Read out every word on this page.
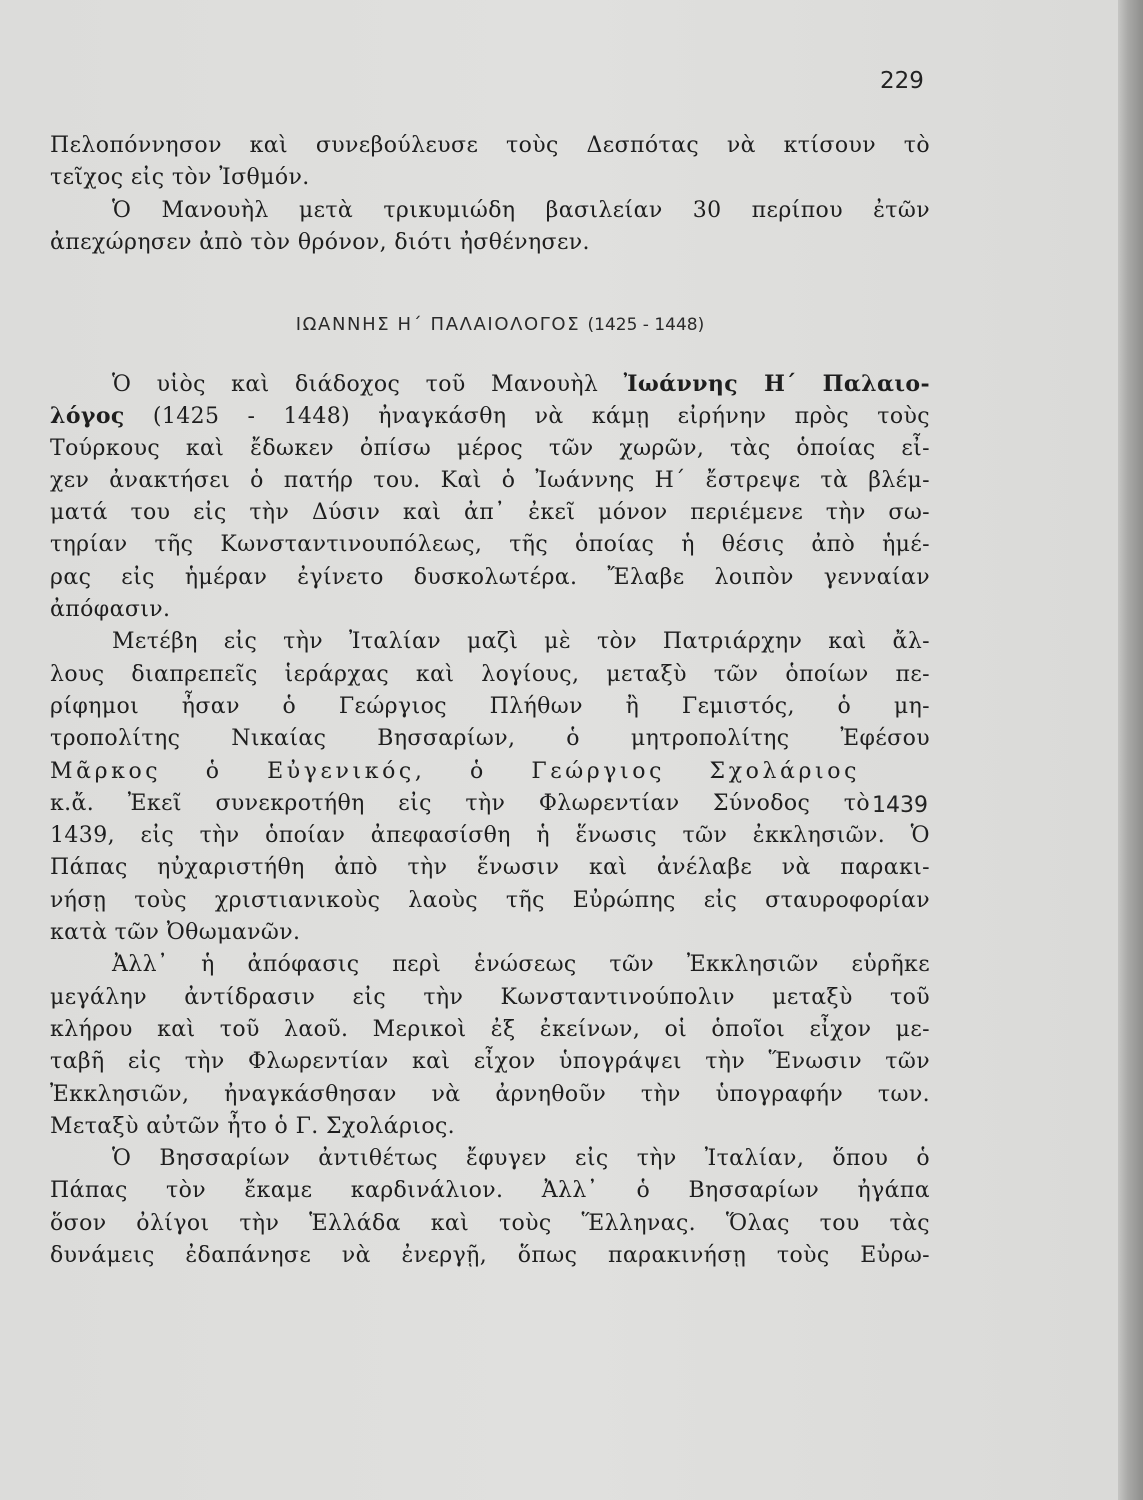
229
Πελοπόννησον καὶ συνεβούλευσε τοὺς Δεσπότας νὰ κτίσουν τὸ
τεῖχος εἰς τὸν Ἰσθμόν.
Ὁ Μανουὴλ μετὰ τρικυμιώδη βασιλείαν 30 περίπου ἐτῶν
ἀπεχώρησεν ἀπὸ τὸν θρόνον, διότι ἠσθένησεν.
ΙΩΑΝΝΗΣ Η΄ ΠΑΛΑΙΟΛΟΓΟΣ (1425 - 1448)
Ὁ υἱὸς καὶ διάδοχος τοῦ Μανουὴλ Ἰωάννης Η΄ Παλαιο-
λόγος (1425 - 1448) ἠναγκάσθη νὰ κάμῃ εἰρήνην πρὸς τοὺς
Τούρκους καὶ ἔδωκεν ὀπίσω μέρος τῶν χωρῶν, τὰς ὁποίας εἶ-
χεν ἀνακτήσει ὁ πατήρ του. Καὶ ὁ Ἰωάννης Η΄ ἔστρεψε τὰ βλέμ-
ματά του εἰς τὴν Δύσιν καὶ ἀπ᾽ ἐκεῖ μόνον περιέμενε τὴν σω-
τηρίαν τῆς Κωνσταντινουπόλεως, τῆς ὁποίας ἡ θέσις ἀπὸ ἡμέ-
ρας εἰς ἡμέραν ἐγίνετο δυσκολωτέρα. Ἔλαβε λοιπὸν γενναίαν
ἀπόφασιν.
Μετέβη εἰς τὴν Ἰταλίαν μαζὶ μὲ τὸν Πατριάρχην καὶ ἄλ-
λους διαπρεπεῖς ἱεράρχας καὶ λογίους, μεταξὺ τῶν ὁποίων πε-
ρίφημοι ἦσαν ὁ Γεώργιος Πλήθων ἢ Γεμιστός, ὁ μη-
τροπολίτης Νικαίας Βησσαρίων, ὁ μητροπολίτης Ἐφέσου
Μᾶρκος ὁ Εὐγενικός, ὁ Γεώργιος Σχολάριος
κ.ἄ. Ἐκεῖ συνεκροτήθη εἰς τὴν Φλωρεντίαν Σύνοδος τὸ
1439, εἰς τὴν ὁποίαν ἀπεφασίσθη ἡ ἕνωσις τῶν ἐκκλησιῶν. Ὁ
Πάπας ηὐχαριστήθη ἀπὸ τὴν ἕνωσιν καὶ ἀνέλαβε νὰ παρακι-
νήσῃ τοὺς χριστιανικοὺς λαοὺς τῆς Εὐρώπης εἰς σταυροφορίαν
κατὰ τῶν Ὀθωμανῶν.
Ἀλλ᾽ ἡ ἀπόφασις περὶ ἑνώσεως τῶν Ἐκκλησιῶν εὑρῆκε
μεγάλην ἀντίδρασιν εἰς τὴν Κωνσταντινούπολιν μεταξὺ τοῦ
κλήρου καὶ τοῦ λαοῦ. Μερικοὶ ἐξ ἐκείνων, οἱ ὁποῖοι εἶχον με-
ταβῆ εἰς τὴν Φλωρεντίαν καὶ εἶχον ὑπογράψει τὴν Ἕνωσιν τῶν
Ἐκκλησιῶν, ἠναγκάσθησαν νὰ ἀρνηθοῦν τὴν ὑπογραφήν των.
Μεταξὺ αὐτῶν ἦτο ὁ Γ. Σχολάριος.
Ὁ Βησσαρίων ἀντιθέτως ἔφυγεν εἰς τὴν Ἰταλίαν, ὅπου ὁ
Πάπας τὸν ἔκαμε καρδινάλιον. Ἀλλ᾽ ὁ Βησσαρίων ἠγάπα
ὅσον ὀλίγοι τὴν Ἑλλάδα καὶ τοὺς Ἕλληνας. Ὅλας του τὰς
δυνάμεις ἐδαπάνησε νὰ ἐνεργῇ, ὅπως παρακινήσῃ τοὺς Εὐρω-
1439
